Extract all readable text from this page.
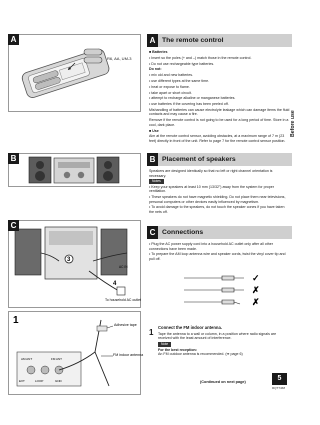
R6, AA, UM-3
A
B
3
4
To household AC outlet
AC IN
C
1
AM ANT	FM ANT
EXT	LOOP	GND
Adhesive tape
FM indoor antenna
A The remote control

■ Batteries

• Insert so the poles (+ and –) match those in the remote control.

• Do not use rechargeable type batteries.

Do not:

• mix old and new batteries.

• use different types at the same time.

• heat or expose to flame.

• take apart or short circuit.

• attempt to recharge alkaline or manganese batteries.

• use batteries if the covering has been peeled off.

Mishandling of batteries can cause electrolyte leakage which can damage items the fluid contacts and may cause a fire.

Remove if the remote control is not going to be used for a long period of time. Store in a cool, dark place.

■ Use

Aim at the remote control sensor, avoiding obstacles, at a maximum range of 7 m (23 feet) directly in front of the unit. Refer to page 7 for the remote control sensor position.

B Placement of speakers

Speakers are designed identically so that no left or right channel orientation is necessary.

Notes

• Keep your speakers at least 10 mm (13/32") away from the system for proper ventilation.

• These speakers do not have magnetic shielding. Do not place them near televisions, personal computers or other devices easily influenced by magnetism.

• To avoid damage to the speakers, do not touch the speaker cones if you have taken the nets off.

C Connections

• Plug the AC power supply cord into a household AC outlet only after all other connections have been made.

• To prepare the AM loop antenna wire and speaker cords, twist the vinyl cover tip and pull off.

✓
✗
✗
1

Connect the FM indoor antenna.

Tape the antenna to a wall or column, in a position where radio signals are received with the least amount of interference.

Note

For the best reception:

An FM outdoor antenna is recommended. (➡ page 6)

Before use
(Continued on next page)	5
RQT7468
